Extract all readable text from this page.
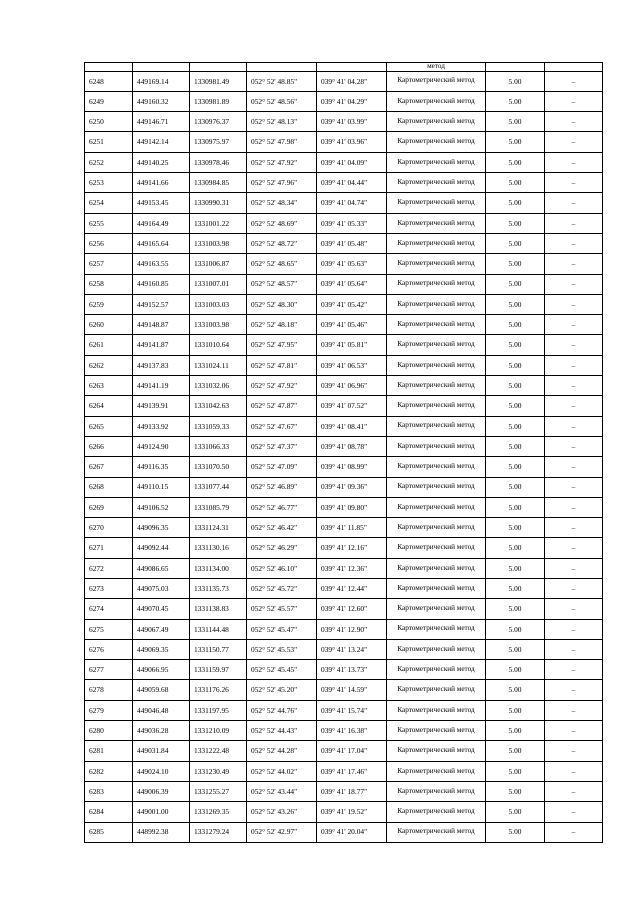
					метод		
6248	449169.14	1330981.49	052° 52' 48.85"	039° 41' 04.28"	Картометрический метод	5.00	–
6249	449160.32	1330981.89	052° 52' 48.56"	039° 41' 04.29"	Картометрический метод	5.00	–
6250	449146.71	1330976.37	052° 52' 48.13"	039° 41' 03.99"	Картометрический метод	5.00	–
6251	449142.14	1330975.97	052° 52' 47.98"	039° 41' 03.96"	Картометрический метод	5.00	–
6252	449140.25	1330978.46	052° 52' 47.92"	039° 41' 04.09"	Картометрический метод	5.00	–
6253	449141.66	1330984.85	052° 52' 47.96"	039° 41' 04.44"	Картометрический метод	5.00	–
6254	449153.45	1330990.31	052° 52' 48.34"	039° 41' 04.74"	Картометрический метод	5.00	–
6255	449164.49	1331001.22	052° 52' 48.69"	039° 41' 05.33"	Картометрический метод	5.00	–
6256	449165.64	1331003.98	052° 52' 48.72"	039° 41' 05.48"	Картометрический метод	5.00	–
6257	449163.55	1331006.87	052° 52' 48.65"	039° 41' 05.63"	Картометрический метод	5.00	–
6258	449160.85	1331007.01	052° 52' 48.57"	039° 41' 05.64"	Картометрический метод	5.00	–
6259	449152.57	1331003.03	052° 52' 48.30"	039° 41' 05.42"	Картометрический метод	5.00	–
6260	449148.87	1331003.98	052° 52' 48.18"	039° 41' 05.46"	Картометрический метод	5.00	–
6261	449141.87	1331010.64	052° 52' 47.95"	039° 41' 05.81"	Картометрический метод	5.00	–
6262	449137.83	1331024.11	052° 52' 47.81"	039° 41' 06.53"	Картометрический метод	5.00	–
6263	449141.19	1331032.06	052° 52' 47.92"	039° 41' 06.96"	Картометрический метод	5.00	–
6264	449139.91	1331042.63	052° 52' 47.87"	039° 41' 07.52"	Картометрический метод	5.00	–
6265	449133.92	1331059.33	052° 52' 47.67"	039° 41' 08.41"	Картометрический метод	5.00	–
6266	449124.90	1331066.33	052° 52' 47.37"	039° 41' 08.78"	Картометрический метод	5.00	–
6267	449116.35	1331070.50	052° 52' 47.09"	039° 41' 08.99"	Картометрический метод	5.00	–
6268	449110.15	1331077.44	052° 52' 46.89"	039° 41' 09.36"	Картометрический метод	5.00	–
6269	449106.52	1331085.79	052° 52' 46.77"	039° 41' 09.80"	Картометрический метод	5.00	–
6270	449096.35	1331124.31	052° 52' 46.42"	039° 41' 11.85"	Картометрический метод	5.00	–
6271	449092.44	1331130.16	052° 52' 46.29"	039° 41' 12.16"	Картометрический метод	5.00	–
6272	449086.65	1331134.00	052° 52' 46.10"	039° 41' 12.36"	Картометрический метод	5.00	–
6273	449075.03	1331135.73	052° 52' 45.72"	039° 41' 12.44"	Картометрический метод	5.00	–
6274	449070.45	1331138.83	052° 52' 45.57"	039° 41' 12.60"	Картометрический метод	5.00	–
6275	449067.49	1331144.48	052° 52' 45.47"	039° 41' 12.90"	Картометрический метод	5.00	–
6276	449069.35	1331150.77	052° 52' 45.53"	039° 41' 13.24"	Картометрический метод	5.00	–
6277	449066.95	1331159.97	052° 52' 45.45"	039° 41' 13.73"	Картометрический метод	5.00	–
6278	449059.68	1331176.26	052° 52' 45.20"	039° 41' 14.59"	Картометрический метод	5.00	–
6279	449046.48	1331197.95	052° 52' 44.76"	039° 41' 15.74"	Картометрический метод	5.00	–
6280	449036.28	1331210.09	052° 52' 44.43"	039° 41' 16.38"	Картометрический метод	5.00	–
6281	449031.84	1331222.48	052° 52' 44.28"	039° 41' 17.04"	Картометрический метод	5.00	–
6282	449024.10	1331230.49	052° 52' 44.02"	039° 41' 17.46"	Картометрический метод	5.00	–
6283	449006.39	1331255.27	052° 52' 43.44"	039° 41' 18.77"	Картометрический метод	5.00	–
6284	449001.00	1331269.35	052° 52' 43.26"	039° 41' 19.52"	Картометрический метод	5.00	–
6285	448992.38	1331279.24	052° 52' 42.97"	039° 41' 20.04"	Картометрический метод	5.00	–
